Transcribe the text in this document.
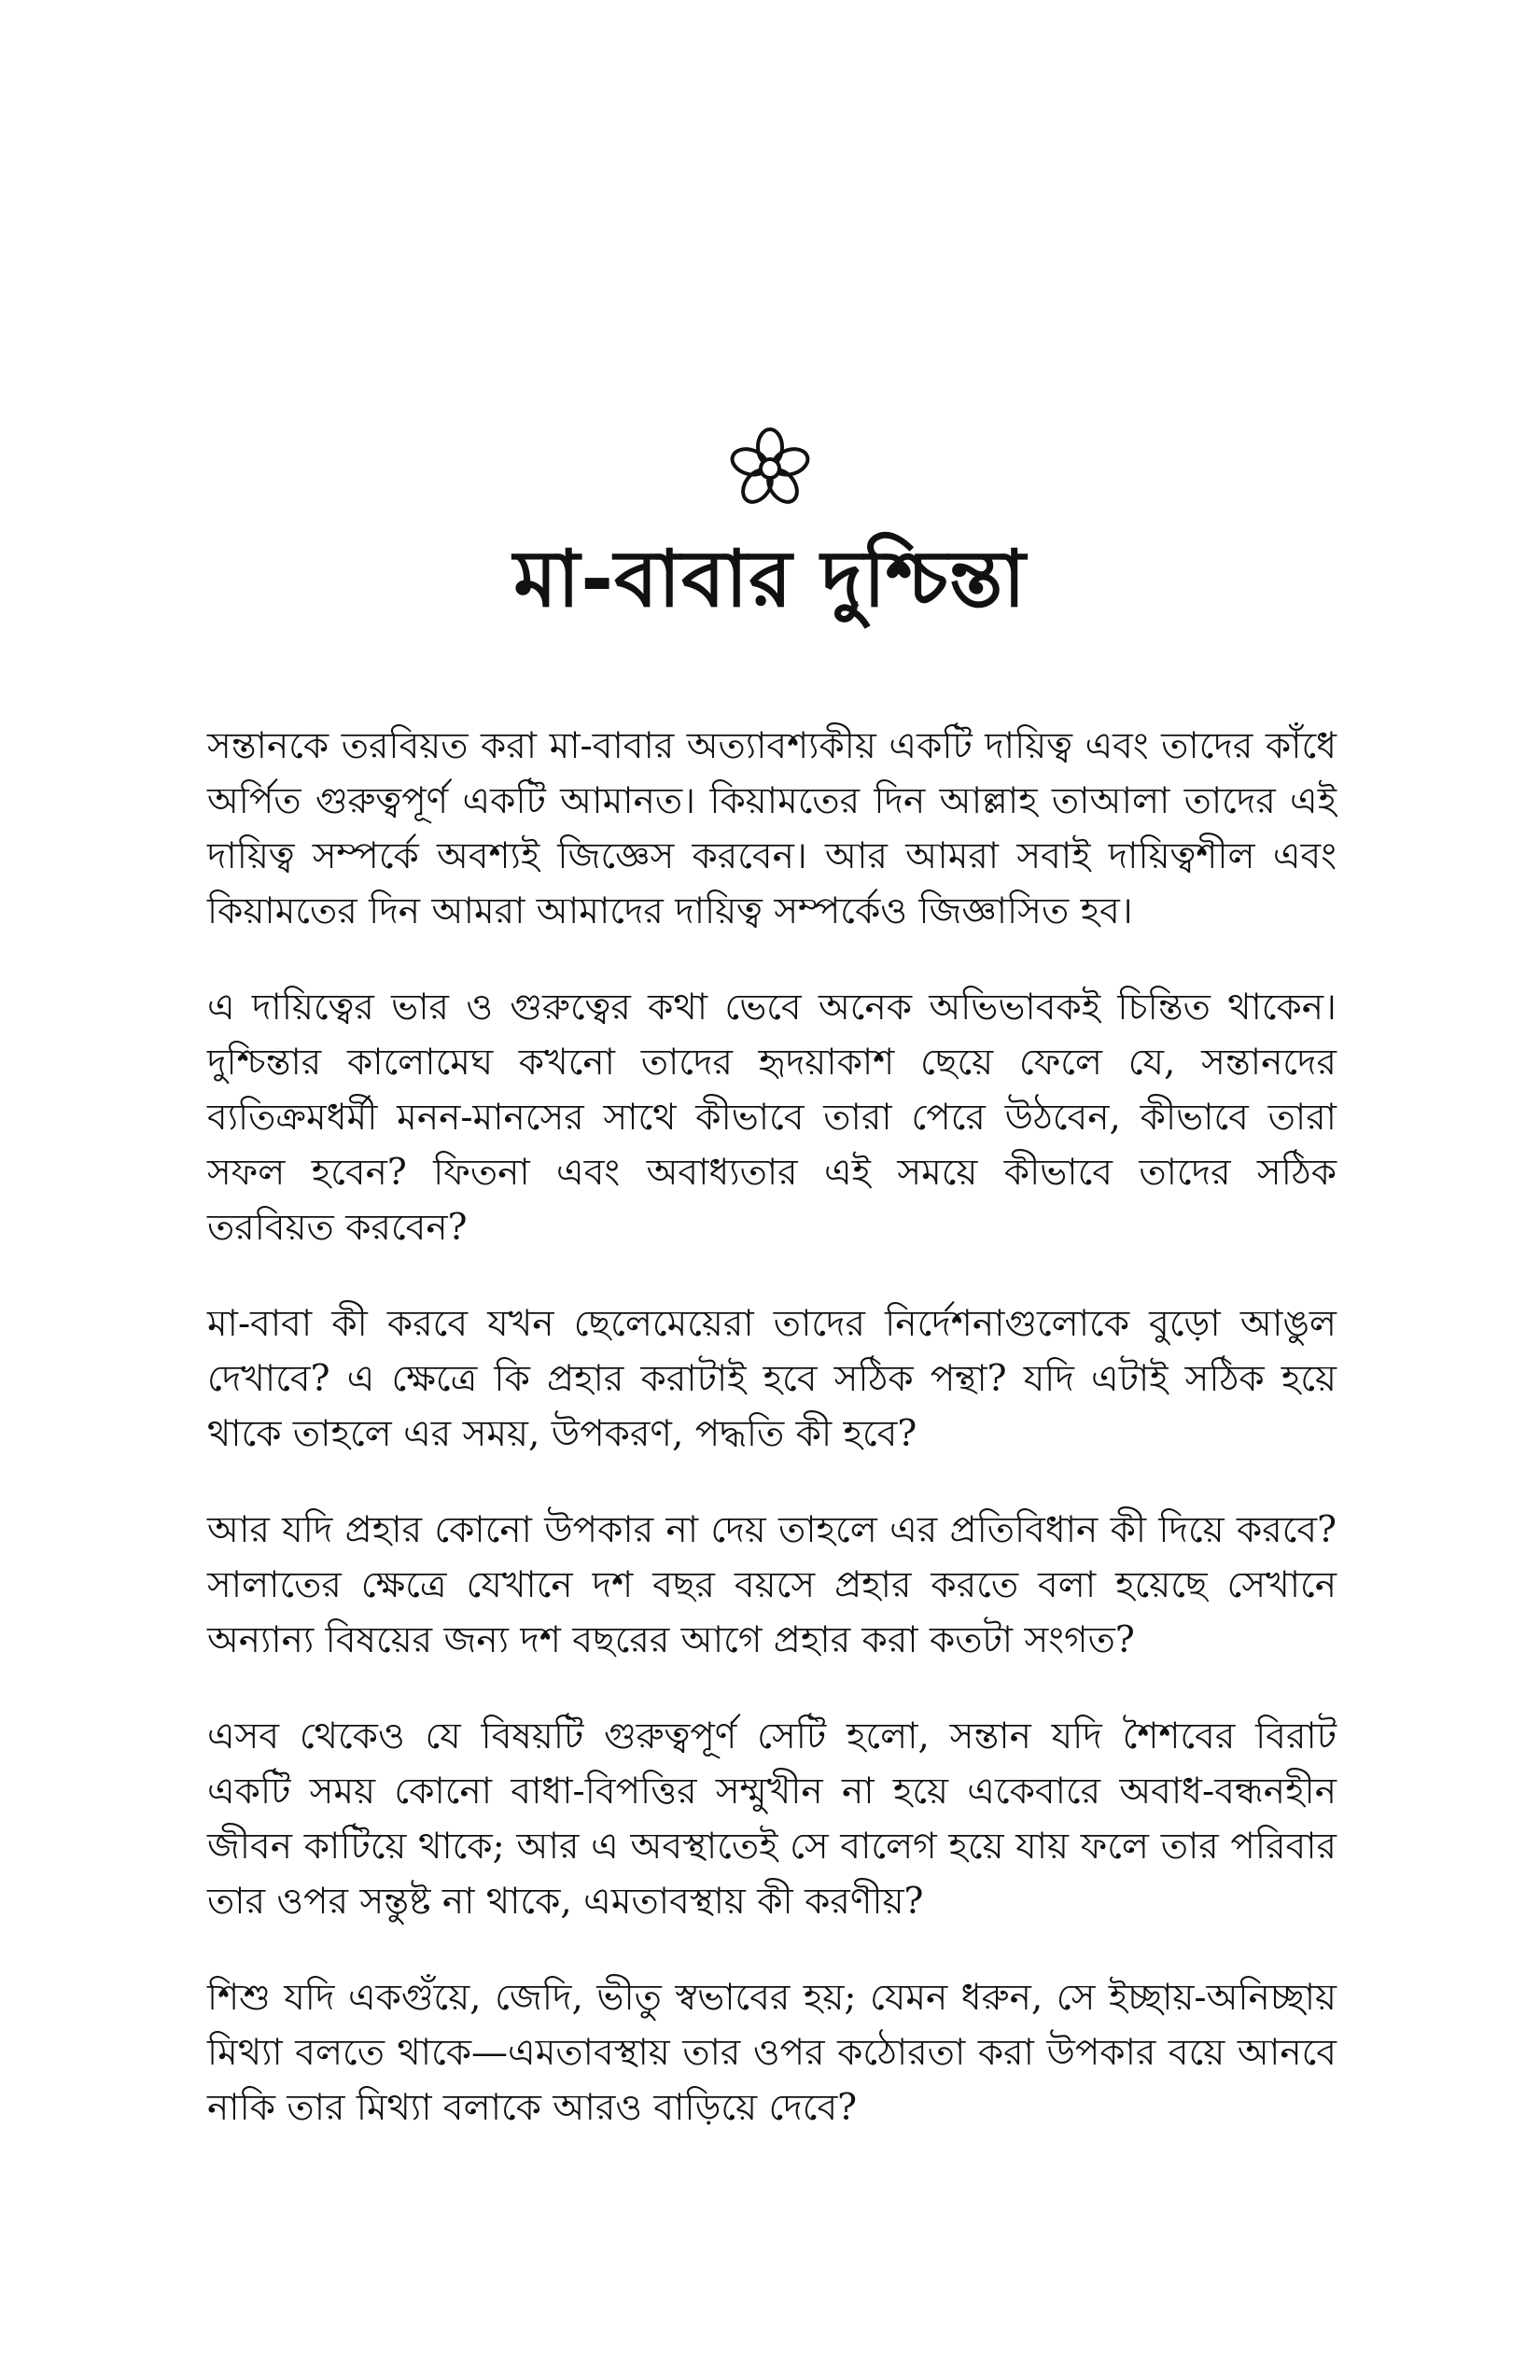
মা-বাবার দুশ্চিন্তা

সন্তানকে তরবিয়ত করা মা-বাবার অত্যাবশ্যকীয় একটি দায়িত্ব এবং তাদের কাঁধে অর্পিত গুরুত্বপূর্ণ একটি আমানত। কিয়ামতের দিন আল্লাহ তাআলা তাদের এই দায়িত্ব সম্পর্কে অবশ্যই জিজ্ঞেস করবেন। আর আমরা সবাই দায়িত্বশীল এবং কিয়ামতের দিন আমরা আমাদের দায়িত্ব সম্পর্কেও জিজ্ঞাসিত হব।

এ দায়িত্বের ভার ও গুরুত্বের কথা ভেবে অনেক অভিভাবকই চিন্তিত থাকেন। দুশ্চিন্তার কালোমেঘ কখনো তাদের হৃদয়াকাশ ছেয়ে ফেলে যে, সন্তানদের ব্যতিক্রমধর্মী মনন-মানসের সাথে কীভাবে তারা পেরে উঠবেন, কীভাবে তারা সফল হবেন? ফিতনা এবং অবাধ্যতার এই সময়ে কীভাবে তাদের সঠিক তরবিয়ত করবেন?

মা-বাবা কী করবে যখন ছেলেমেয়েরা তাদের নির্দেশনাগুলোকে বুড়ো আঙুল দেখাবে? এ ক্ষেত্রে কি প্রহার করাটাই হবে সঠিক পন্থা? যদি এটাই সঠিক হয়ে থাকে তাহলে এর সময়, উপকরণ, পদ্ধতি কী হবে?

আর যদি প্রহার কোনো উপকার না দেয় তাহলে এর প্রতিবিধান কী দিয়ে করবে? সালাতের ক্ষেত্রে যেখানে দশ বছর বয়সে প্রহার করতে বলা হয়েছে সেখানে অন্যান্য বিষয়ের জন্য দশ বছরের আগে প্রহার করা কতটা সংগত?

এসব থেকেও যে বিষয়টি গুরুত্বপূর্ণ সেটি হলো, সন্তান যদি শৈশবের বিরাট একটি সময় কোনো বাধা-বিপত্তির সম্মুখীন না হয়ে একেবারে অবাধ-বন্ধনহীন জীবন কাটিয়ে থাকে; আর এ অবস্থাতেই সে বালেগ হয়ে যায় ফলে তার পরিবার তার ওপর সন্তুষ্ট না থাকে, এমতাবস্থায় কী করণীয়?

শিশু যদি একগুঁয়ে, জেদি, ভীতু স্বভাবের হয়; যেমন ধরুন, সে ইচ্ছায়-অনিচ্ছায় মিথ্যা বলতে থাকে—এমতাবস্থায় তার ওপর কঠোরতা করা উপকার বয়ে আনবে নাকি তার মিথ্যা বলাকে আরও বাড়িয়ে দেবে?
